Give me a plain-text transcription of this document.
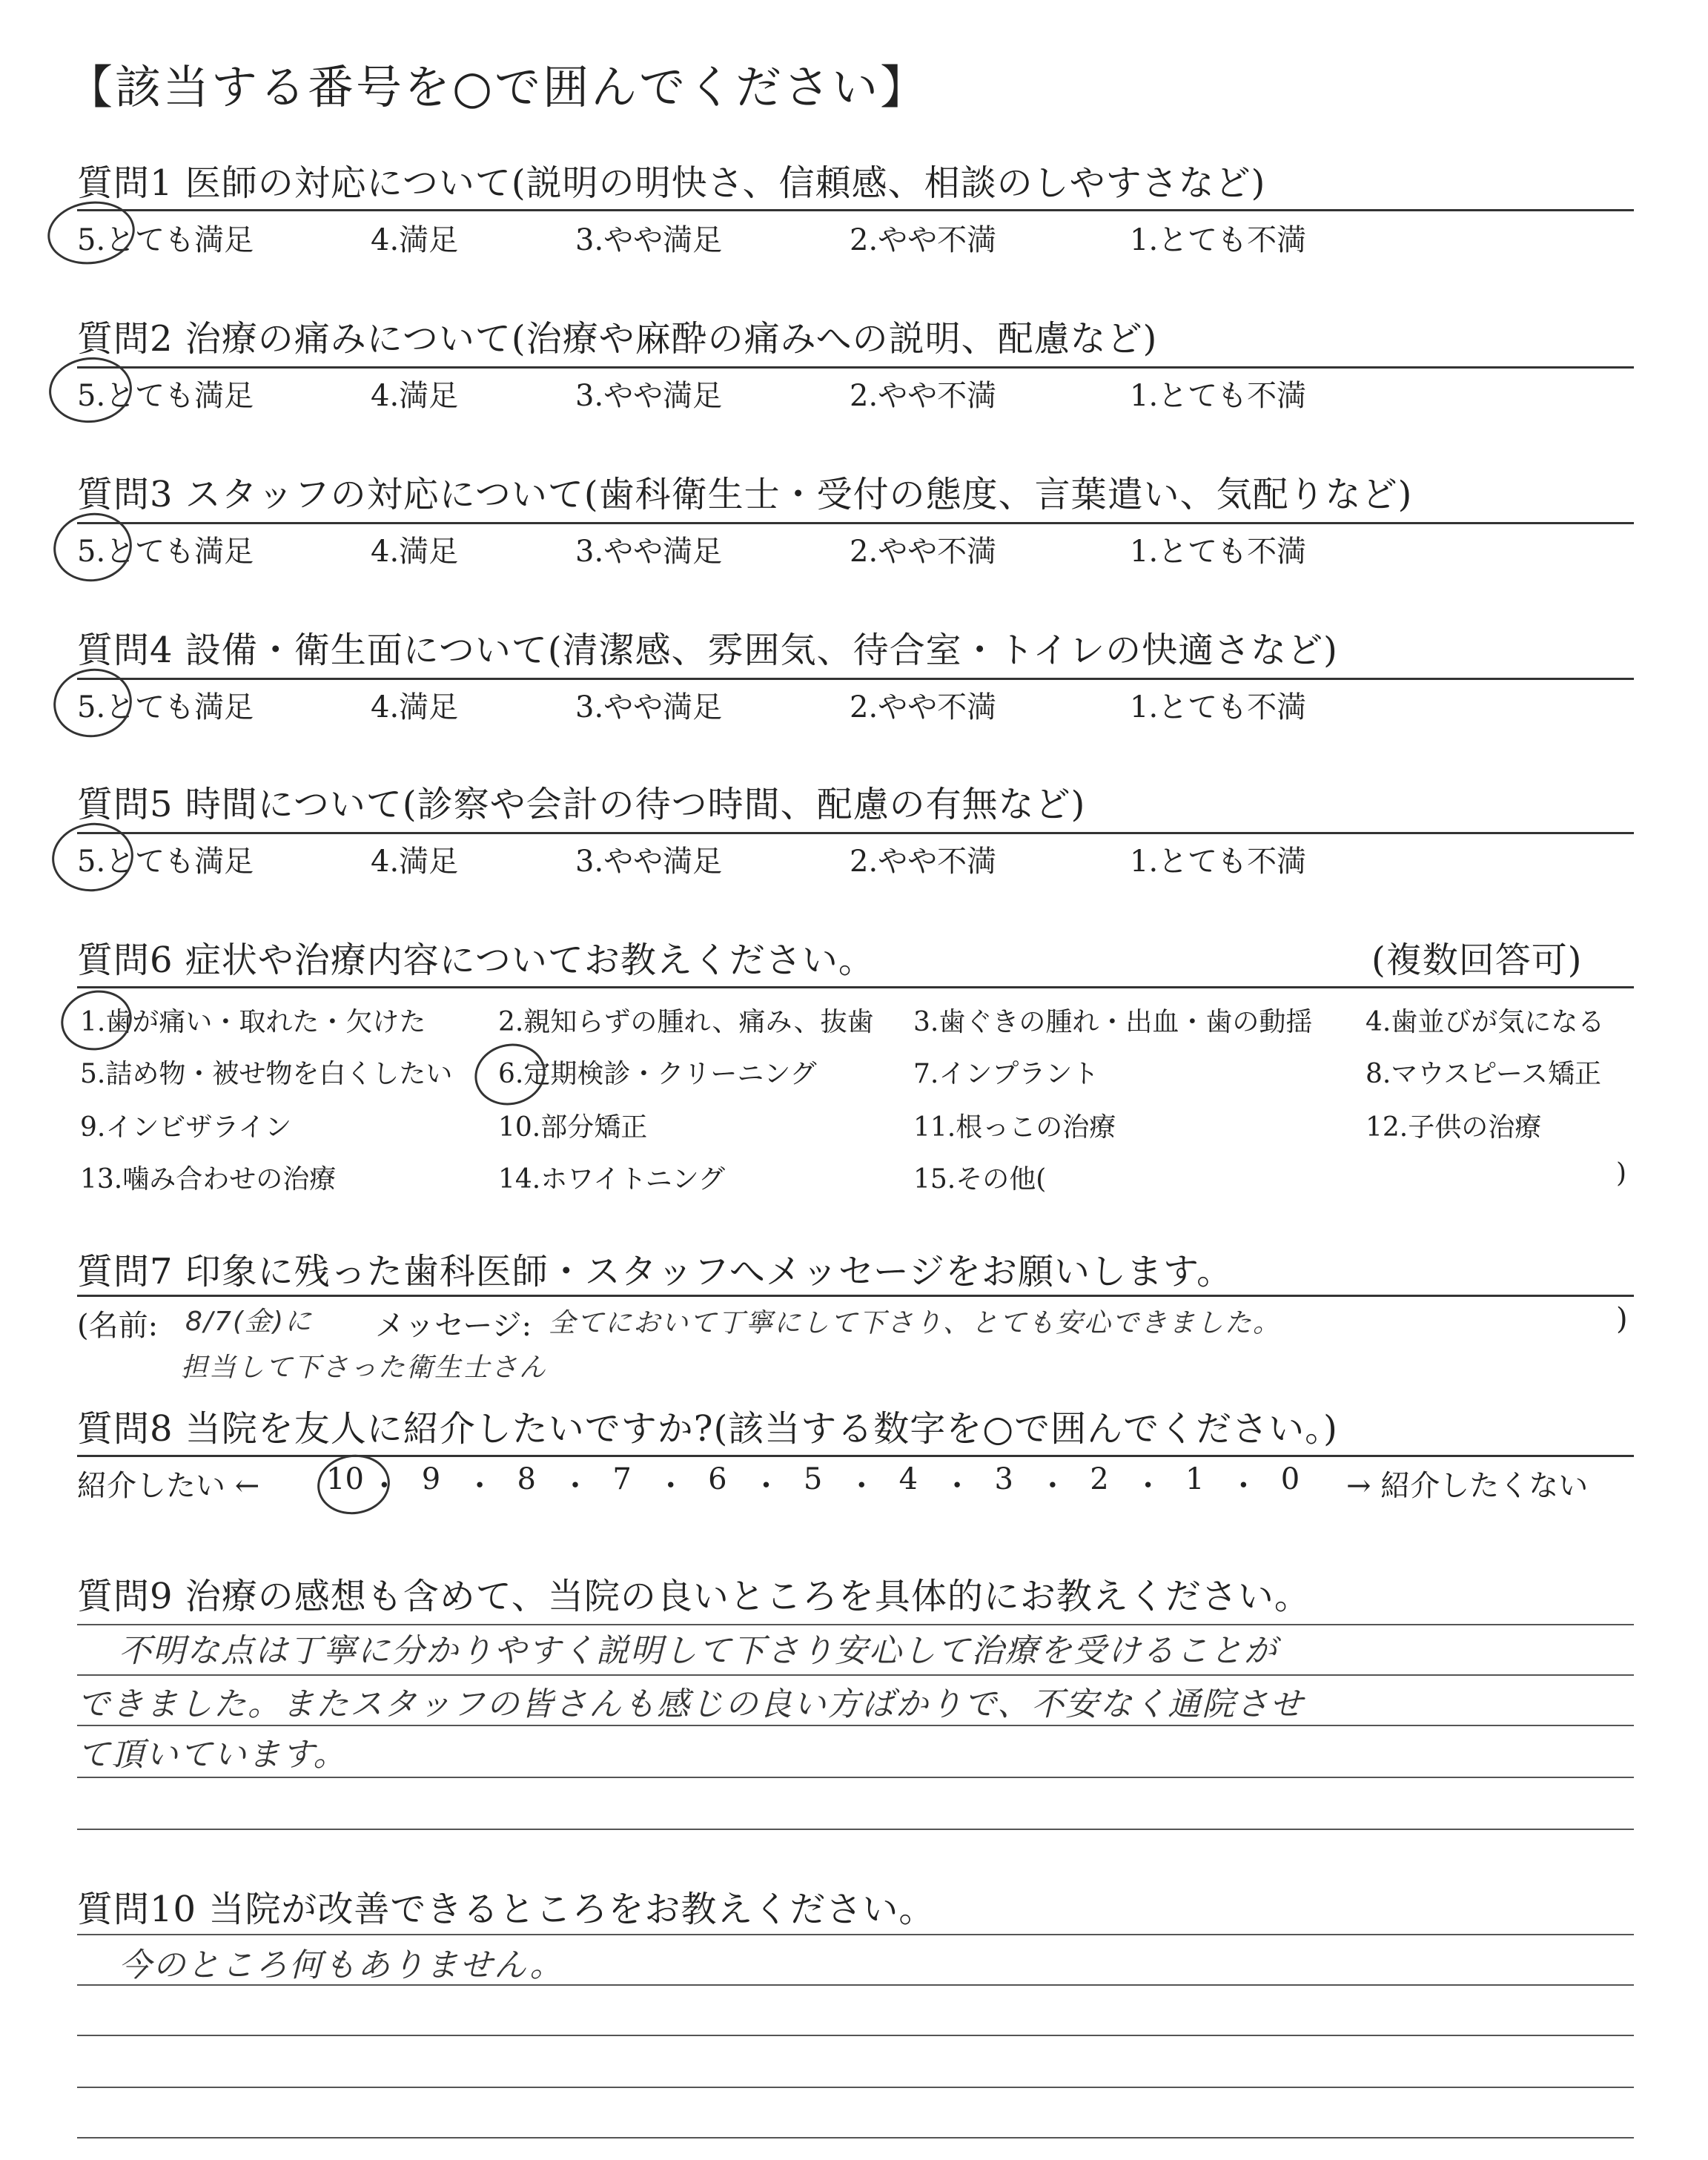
【該当する番号を○で囲んでください】
質問1 医師の対応について(説明の明快さ、信頼感、相談のしやすさなど)
5.とても満足	4.満足	3.やや満足	2.やや不満	1.とても不満
質問2 治療の痛みについて(治療や麻酔の痛みへの説明、配慮など)
5.とても満足	4.満足	3.やや満足	2.やや不満	1.とても不満
質問3 スタッフの対応について(歯科衛生士・受付の態度、言葉遣い、気配りなど)
5.とても満足	4.満足	3.やや満足	2.やや不満	1.とても不満
質問4 設備・衛生面について(清潔感、雰囲気、待合室・トイレの快適さなど)
5.とても満足	4.満足	3.やや満足	2.やや不満	1.とても不満
質問5 時間について(診察や会計の待つ時間、配慮の有無など)
5.とても満足	4.満足	3.やや満足	2.やや不満	1.とても不満
質問6 症状や治療内容についてお教えください。	(複数回答可)
1.歯が痛い・取れた・欠けた	2.親知らずの腫れ、痛み、抜歯 3.歯ぐきの腫れ・出血・歯の動揺 4.歯並びが気になる
5.詰め物・被せ物を白くしたい 6.定期検診・クリーニング	7.インプラント	8.マウスピース矯正
9.インビザライン	10.部分矯正	11.根っこの治療	12.子供の治療
13.噛み合わせの治療	14.ホワイトニング	15.その他(	)
質問7 印象に残った歯科医師・スタッフへメッセージをお願いします。
(名前: 8/7(金)に
担当して下さった衛生士さん
メッセージ: 全てにおいて丁寧にして下さり、とても安心できました。	)
質問8 当院を友人に紹介したいですか?(該当する数字を○で囲んでください。)
紹介したい ← 10 ・ 9 ・ 8 ・ 7 ・ 6 ・ 5 ・ 4 ・ 3 ・ 2 ・ 1 ・ 0 → 紹介したくない
質問9 治療の感想も含めて、当院の良いところを具体的にお教えください。
不明な点は丁寧に分かりやすく説明して下さり安心して治療を受けることが
できました。またスタッフの皆さんも感じの良い方ばかりで、不安なく通院させ
て頂いています。
質問10 当院が改善できるところをお教えください。
今のところ何もありません。
